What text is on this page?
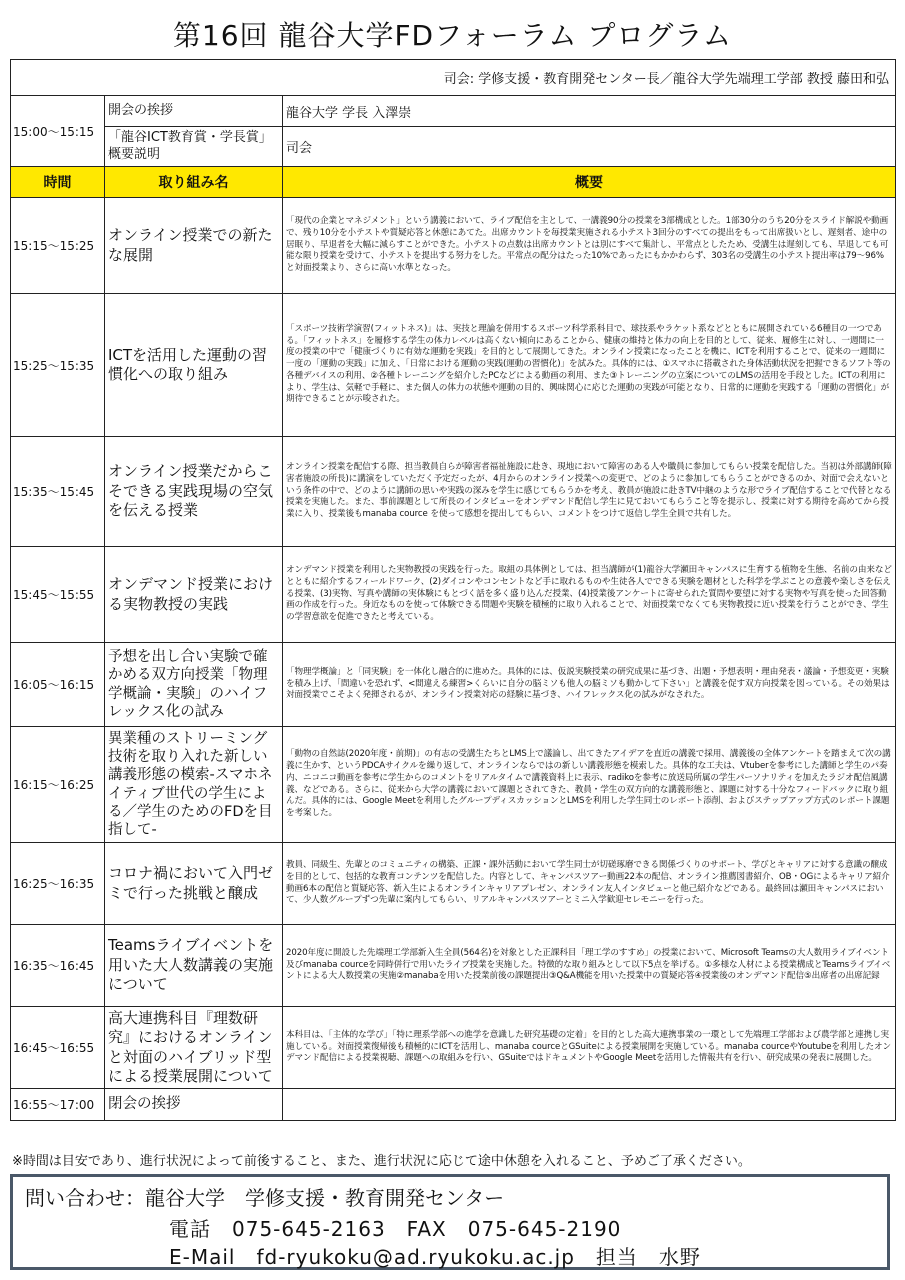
第16回 龍谷大学FDフォーラム プログラム
司会: 学修支援・教育開発センター長／龍谷大学先端理工学部 教授 藤田和弘		
15:00～15:15	開会の挨拶	龍谷大学 学長 入澤崇
	「龍谷ICT教育賞・学長賞」概要説明	司会
時間	取り組み名	概要
15:15～15:25	オンライン授業での新たな展開	「現代の企業とマネジメント」という講義において、ライブ配信を主として、一講義90分の授業を3部構成とした。1部30分のうち20分をスライド解説や動画で、残り10分を小テストや質疑応答と休憩にあてた。出席カウントを毎授業実施される小テスト3回分のすべての提出をもって出席扱いとし、遅刻者、途中の居眠り、早退者を大幅に減らすことができた。小テストの点数は出席カウントとは別にすべて集計し、平常点としたため、受講生は遅刻しても、早退しても可能な限り授業を受けて、小テストを提出する努力をした。平常点の配分はたった10%であったにもかかわらず、303名の受講生の小テスト提出率は79～96%と対面授業より、さらに高い水準となった。
15:25～15:35	ICTを活用した運動の習慣化への取り組み	「スポーツ技術学演習(フィットネス)」は、実技と理論を併用するスポーツ科学系科目で、球技系やラケット系などとともに展開されている6種目の一つである。「フィットネス」を履修する学生の体力レベルは高くない傾向にあることから、健康の維持と体力の向上を目的として、従来、履修生に対し、一週間に一度の授業の中で「健康づくりに有効な運動を実践」を目的として展開してきた。オンライン授業になったことを機に、ICTを利用することで、従来の一週間に一度の「運動の実践」に加え、「日常における運動の実践(運動の習慣化)」を試みた。具体的には、①スマホに搭載された身体活動状況を把握できるソフト等の各種デバイスの利用、②各種トレーニングを紹介したPCなどによる動画の利用、また③トレーニングの立案についてのLMSの活用を手段とした。ICTの利用により、学生は、気軽で手軽に、また個人の体力の状態や運動の目的、興味関心に応じた運動の実践が可能となり、日常的に運動を実践する「運動の習慣化」が期待できることが示唆された。
15:35～15:45	オンライン授業だからこそできる実践現場の空気を伝える授業	オンライン授業を配信する際、担当教員自らが障害者福祉施設に赴き、現地において障害のある人や職員に参加してもらい授業を配信した。当初は外部講師(障害者施設の所長)に講演をしていただく予定だったが、4月からのオンライン授業への変更で、どのように参加してもらうことができるのか、対面で会えないという条件の中で、どのように講師の思いや実践の深みを学生に感じてもらうかを考え、教員が施設に赴きTV中継のような形でライブ配信することで代替となる授業を実施した。また、事前課題として所長のインタビューをオンデマンド配信し学生に見ておいてもらうこと等を提示し、授業に対する期待を高めてから授業に入り、授業後もmanaba cource を使って感想を提出してもらい、コメントをつけて返信し学生全員で共有した。
15:45～15:55	オンデマンド授業における実物教授の実践	オンデマンド授業を利用した実物教授の実践を行った。取組の具体例としては、担当講師が(1)龍谷大学瀬田キャンパスに生育する植物を生態、名前の由来などとともに紹介するフィールドワーク、(2)ダイコンやコンセントなど手に取れるものや生徒各人でできる実験を題材とした科学を学ぶことの意義や楽しさを伝える授業、(3)実物、写真や講師の実体験にもとづく話を多く盛り込んだ授業、(4)授業後アンケートに寄せられた質問や要望に対する実物や写真を使った回答動画の作成を行った。身近なものを使って体験できる問題や実験を積極的に取り入れることで、対面授業でなくても実物教授に近い授業を行うことができ、学生の学習意欲を促進できたと考えている。
16:05～16:15	予想を出し合い実験で確かめる双方向授業「物理学概論・実験」のハイフレックス化の試み	「物理学概論」と「同実験」を一体化し融合的に進めた。具体的には、仮説実験授業の研究成果に基づき、出題・予想表明・理由発表・議論・予想変更・実験を積み上げ、「間違いを恐れず、<間違える練習>くらいに自分の脳ミソも他人の脳ミソも動かして下さい」と講義を促す双方向授業を図っている。その効果は対面授業でこそよく発揮されるが、オンライン授業対応の経験に基づき、ハイフレックス化の試みがなされた。
16:15～16:25	異業種のストリーミング技術を取り入れた新しい講義形態の模索-スマホネイティブ世代の学生による／学生のためのFDを目指して-	「動物の自然誌(2020年度・前期)」の有志の受講生たちとLMS上で議論し、出てきたアイデアを直近の講義で採用、講義後の全体アンケートを踏まえて次の講義に生かす、というPDCAサイクルを繰り返して、オンラインならではの新しい講義形態を模索した。具体的な工夫は、Vtuberを参考にした講師と学生のパ奏内、ニコニコ動画を参考に学生からのコメントをリアルタイムで講義資料上に表示、radikoを参考に放送局所属の学生パーソナリティを加えたラジオ配信風講義、などである。さらに、従来から大学の講義において課題とされてきた、教員・学生の双方向的な講義形態と、課題に対する十分なフィードバックに取り組んだ。具体的には、Google Meetを利用したグループディスカッションとLMSを利用した学生同士のレポート添削、およびステップアップ方式のレポート課題を考案した。
16:25～16:35	コロナ禍において入門ゼミで行った挑戦と醸成	教員、同級生、先輩とのコミュニティの構築、正課・課外活動において学生同士が切磋琢磨できる関係づくりのサポート、学びとキャリアに対する意識の醸成を目的として、包括的な教育コンテンツを配信した。内容として、キャンパスツアー動画22本の配信、オンライン推薦図書紹介、OB・OGによるキャリア紹介動画6本の配信と質疑応答、新入生によるオンラインキャリアプレゼン、オンライン友人インタビューと他己紹介などである。最終回は瀬田キャンパスにおいて、少人数グループずつ先輩に案内してもらい、リアルキャンパスツアーとミニ入学歓迎セレモニーを行った。
16:35～16:45	Teamsライブイベントを用いた大人数講義の実施について	2020年度に開設した先端理工学部新入生全員(564名)を対象とした正課科目「理工学のすすめ」の授業において、Microsoft Teamsの大人数用ライブイベント及びmanaba courceを同時併行で用いたライブ授業を実施した。特徴的な取り組みとして以下5点を挙げる。①多様な人材による授業構成とTeamsライブイベントによる大人数授業の実施②manabaを用いた授業前後の課題提出③Q&A機能を用いた授業中の質疑応答④授業後のオンデマンド配信⑤出席者の出席記録
16:45～16:55	高大連携科目『理数研究』におけるオンラインと対面のハイブリッド型による授業展開について	本科目は、「主体的な学び」「特に理系学部への進学を意識した研究基礎の定着」を目的とした高大連携事業の一環として先端理工学部および農学部と連携し実施している。対面授業復帰後も積極的にICTを活用し、manaba courceとGSuiteによる授業展開を実施している。manaba courceやYoutubeを利用したオンデマンド配信による授業視聴、課題への取組みを行い、GSuiteではドキュメントやGoogle Meetを活用した情報共有を行い、研究成果の発表に展開した。
16:55～17:00	閉会の挨拶	
※時間は目安であり、進行状況によって前後すること、また、進行状況に応じて途中休憩を入れること、予めご了承ください。
問い合わせ：龍谷大学　学修支援・教育開発センター
電話　075-645-2163　FAX　075-645-2190
E-Mail　fd-ryukoku@ad.ryukoku.ac.jp　担当　水野
